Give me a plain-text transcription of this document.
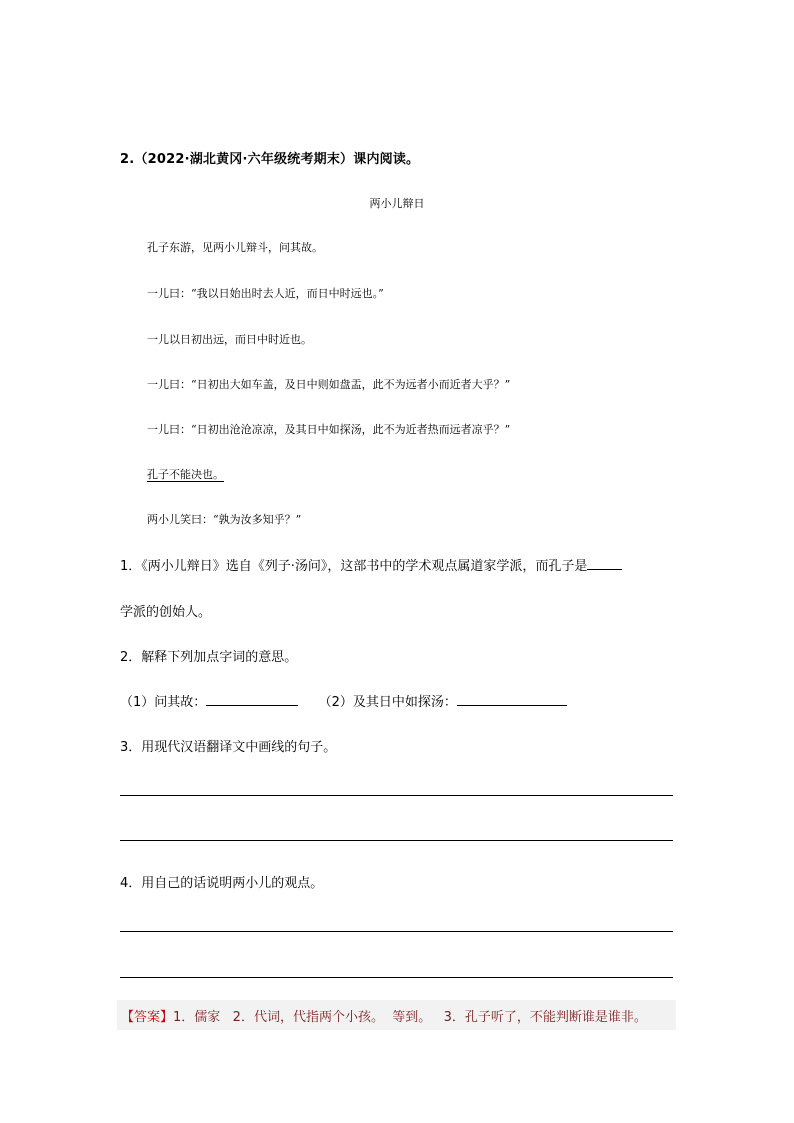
2.（2022·湖北黄冈·六年级统考期末）课内阅读。
两小儿辩日
孔子东游，见两小儿辩斗，问其故。
一儿曰：“我以日始出时去人近，而日中时远也。”
一儿以日初出远，而日中时近也。
一儿曰：“日初出大如车盖，及日中则如盘盂，此不为远者小而近者大乎？”
一儿曰：“日初出沧沧凉凉，及其日中如探汤，此不为近者热而远者凉乎？”
孔子不能决也。
两小儿笑曰：“孰为汝多知乎？”
1．《两小儿辩日》选自《列子·汤问》，这部书中的学术观点属道家学派，而孔子是
学派的创始人。
2．解释下列加点字词的意思。
（1）问其故：	（2）及其日中如探汤：
3．用现代汉语翻译文中画线的句子。
4．用自己的话说明两小儿的观点。
【答案】 1．儒家   2．代词，代指两个小孩。  等到。   3．孔子听了，不能判断谁是谁非。
